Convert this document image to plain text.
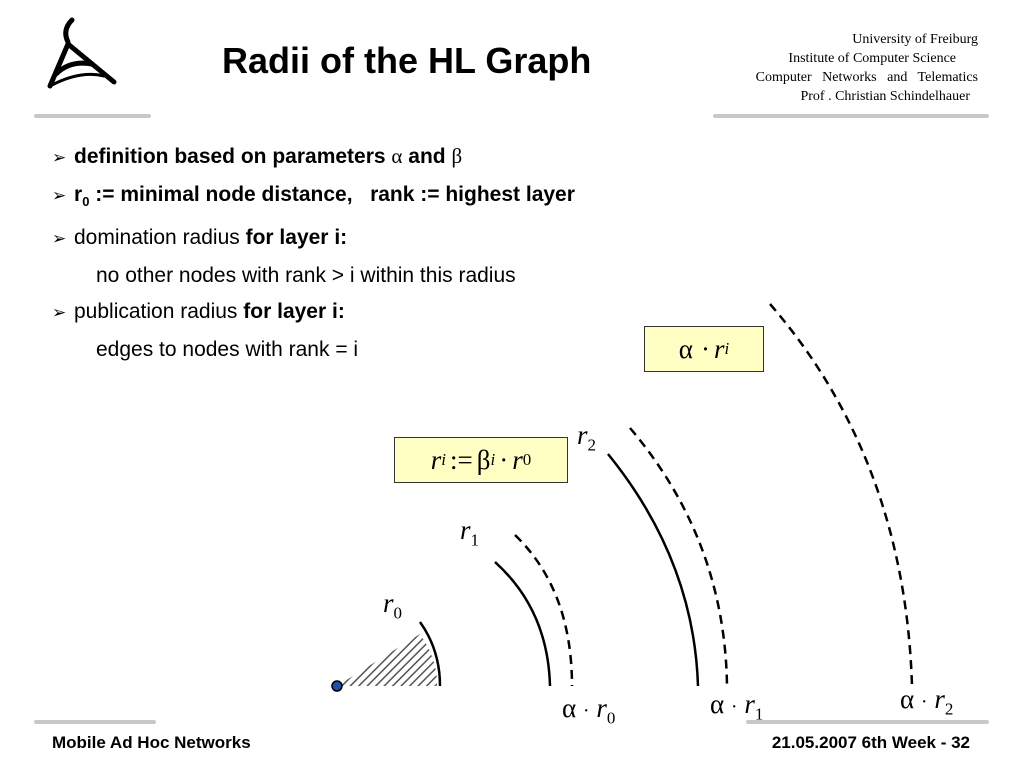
Radii of the HL Graph
University of Freiburg
Institute of Computer Science
Computer   Networks   and   Telematics
Prof . Christian Schindelhauer
➢ definition based on parameters α and β
➢ $r_0$ := minimal node distance,   rank := highest layer
➢ domination radius for layer i:
no other nodes with rank > i within this radius
➢ publication radius for layer i:
edges to nodes with rank = i
r i := β i · r 0
α · r i
$r_0$
$r_1$
$r_2$
$\alpha \cdot r_0$	$\alpha \cdot r_1$	$\alpha \cdot r_2$
Mobile Ad Hoc Networks	21.05.2007 6th Week - 32
